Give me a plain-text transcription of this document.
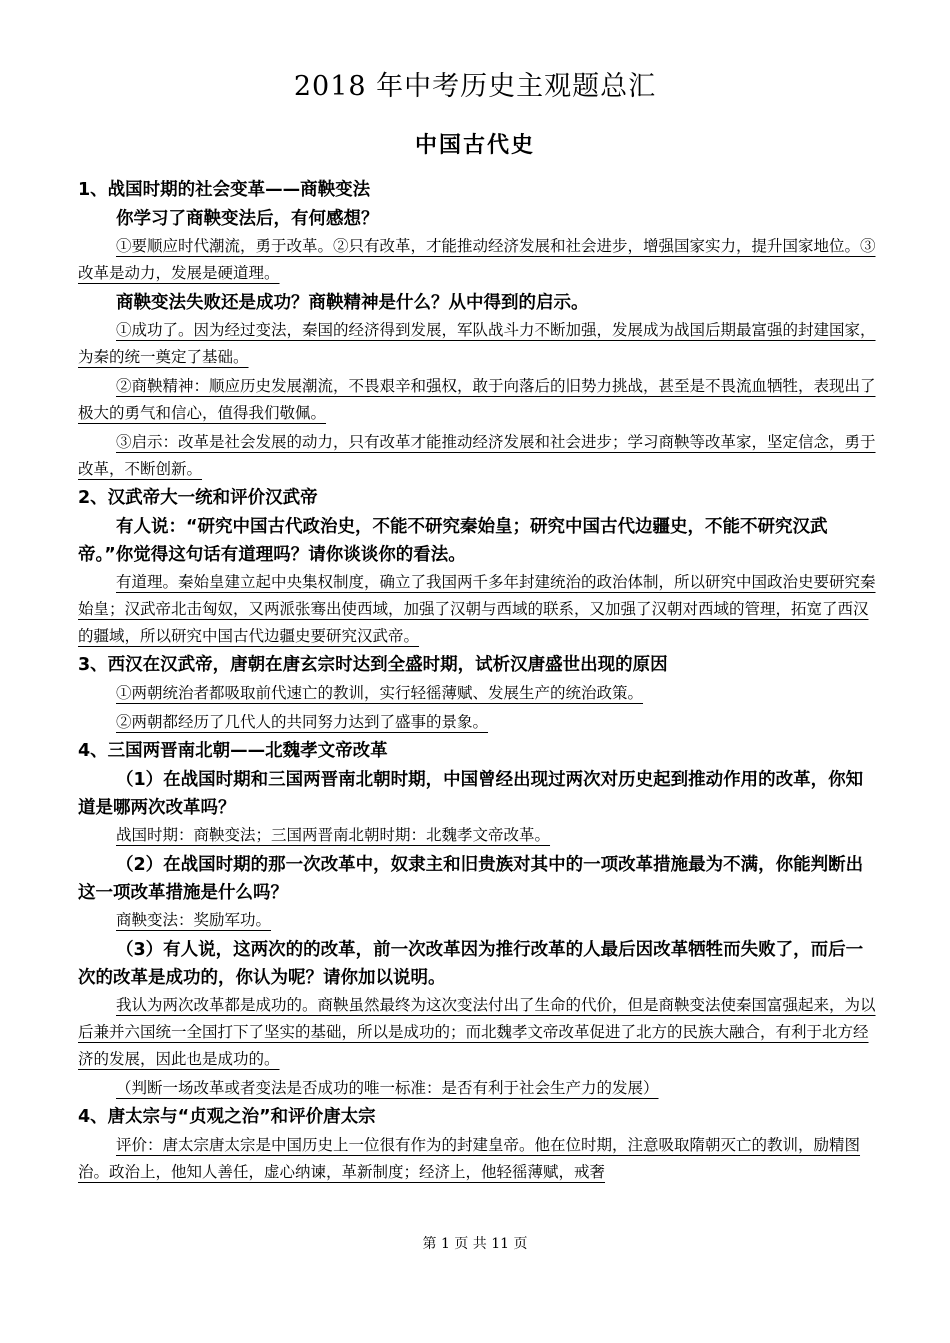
2018 年中考历史主观题总汇
中国古代史
1、战国时期的社会变革——商鞅变法

你学习了商鞅变法后，有何感想？

①要顺应时代潮流，勇于改革。②只有改革，才能推动经济发展和社会进步，增强国家实力，提升国家地位。③改革是动力，发展是硬道理。

商鞅变法失败还是成功？商鞅精神是什么？从中得到的启示。

①成功了。因为经过变法，秦国的经济得到发展，军队战斗力不断加强，发展成为战国后期最富强的封建国家，为秦的统一奠定了基础。

②商鞅精神：顺应历史发展潮流，不畏艰辛和强权，敢于向落后的旧势力挑战，甚至是不畏流血牺牲，表现出了极大的勇气和信心，值得我们敬佩。

③启示：改革是社会发展的动力，只有改革才能推动经济发展和社会进步；学习商鞅等改革家，坚定信念，勇于改革，不断创新。

2、汉武帝大一统和评价汉武帝

有人说：“研究中国古代政治史，不能不研究秦始皇；研究中国古代边疆史，不能不研究汉武帝。”你觉得这句话有道理吗？请你谈谈你的看法。

有道理。秦始皇建立起中央集权制度，确立了我国两千多年封建统治的政治体制，所以研究中国政治史要研究秦始皇；汉武帝北击匈奴，又两派张骞出使西域，加强了汉朝与西域的联系，又加强了汉朝对西域的管理，拓宽了西汉的疆域，所以研究中国古代边疆史要研究汉武帝。

3、西汉在汉武帝，唐朝在唐玄宗时达到全盛时期，试析汉唐盛世出现的原因

①两朝统治者都吸取前代速亡的教训，实行轻徭薄赋、发展生产的统治政策。

②两朝都经历了几代人的共同努力达到了盛事的景象。

4、三国两晋南北朝——北魏孝文帝改革

（1）在战国时期和三国两晋南北朝时期，中国曾经出现过两次对历史起到推动作用的改革，你知道是哪两次改革吗？

战国时期：商鞅变法；三国两晋南北朝时期：北魏孝文帝改革。

（2）在战国时期的那一次改革中，奴隶主和旧贵族对其中的一项改革措施最为不满，你能判断出这一项改革措施是什么吗？

商鞅变法：奖励军功。

（3）有人说，这两次的的改革，前一次改革因为推行改革的人最后因改革牺牲而失败了，而后一次的改革是成功的，你认为呢？请你加以说明。

我认为两次改革都是成功的。商鞅虽然最终为这次变法付出了生命的代价，但是商鞅变法使秦国富强起来，为以后兼并六国统一全国打下了坚实的基础，所以是成功的；而北魏孝文帝改革促进了北方的民族大融合，有利于北方经济的发展，因此也是成功的。

（判断一场改革或者变法是否成功的唯一标准：是否有利于社会生产力的发展）

4、唐太宗与“贞观之治”和评价唐太宗

评价：唐太宗唐太宗是中国历史上一位很有作为的封建皇帝。他在位时期，注意吸取隋朝灭亡的教训，励精图治。政治上，他知人善任，虚心纳谏，革新制度；经济上，他轻徭薄赋，戒奢

第 1 页 共 11 页
